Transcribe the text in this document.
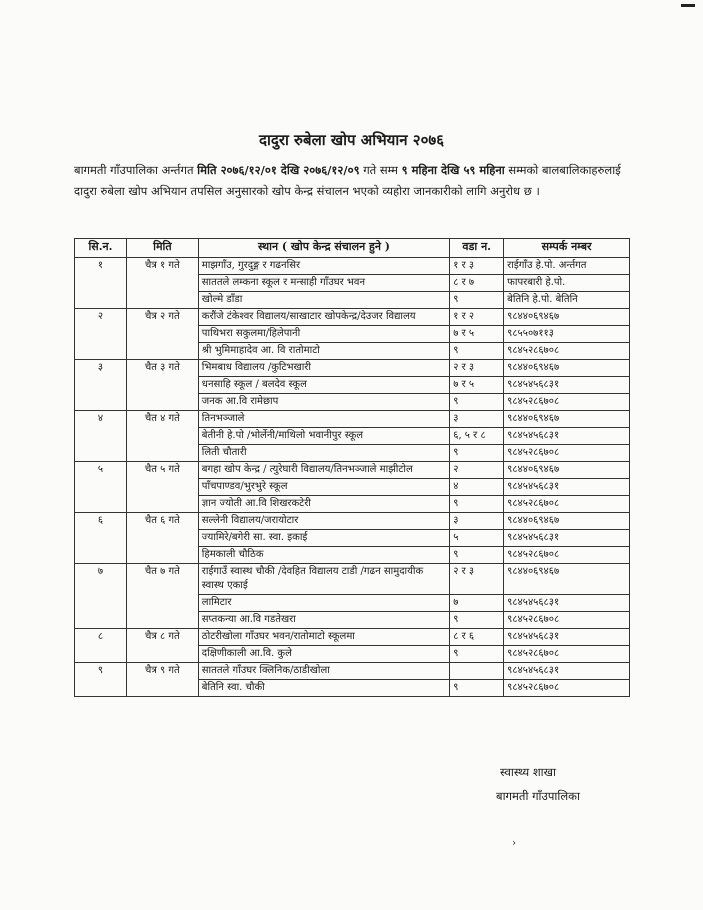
दादुरा रुबेला खोप अभियान २०७६
बागमती गाँउपालिका अर्न्तगत मिति २०७६/१२/०१ देखि २०७६/१२/०९ गते सम्म ९ महिना देखि ५९ महिना सम्मको बालबालिकाहरुलाई दादुरा रुबेला खोप अभियान तपसिल अनुसारको खोप केन्द्र संचालन भएको व्यहोरा जानकारीको लागि अनुरोध छ ।
सि.न.	मिति	स्थान ( खोप केन्द्र संचालन हुने )	वडा न.	सम्पर्क नम्बर
१	चैत्र १ गते	माझगाँउ, गुरदुङ्ग र गढनसिर	१ र ३	राईगाँउ हे.पो. अर्न्तगत
		साततले लम्कना स्कूल र मन्साही गाँउघर भवन	८ र ७	फापरबारी हे.पो.
		खोल्मे डाँडा	९	बेतिनि हे.पो. बेतिनि
२	चैत्र २ गते	करौंजे टंकेश्वर विद्यालय/साखाटार खोपकेन्द्र/देउजर विद्यालय	१ र २	९८४४०६९४६७
		पाथिभरा सकुलमा/हिलेपानी	७ र ५	९८५५०७११३
		श्री भुमिमाहादेव आ. वि रातोमाटो	९	९८४५२८६७०८
३	चैत ३ गते	भिमबाध विद्यालय /कुटिभखारी	२ र ३	९८४४०६९४६७
		धनसाहि स्कूल / बलदेव स्कूल	७ र ५	९८४५४५६८३१
		जनक आ.वि रामेछाप	९	९८४५२८६७०८
४	चैत ४ गते	तिनभञ्जाले	३	९८४४०६९४६७
		बेतीनी हे.पो /भोर्लेनी/माथिलो भवानीपुर स्कूल	६, ५ र ८	९८४५४५६८३१
		लिती चौतारी	९	९८४५२८६७०८
५	चैत ५ गते	बगहा खोप केन्द्र / त्युरेघारी विद्यालय/तिनभञ्जाले माझीटोल	२	९८४४०६९४६७
		पाँचपाण्डव/भुरभुरे स्कूल	४	९८४५४५६८३१
		ज्ञान ज्योती आ.वि शिखरकटेरी	९	९८४५२८६७०८
६	चैत ६ गते	सल्लेनी विद्यालय/जरायोटार	३	९८४४०६९४६७
		ज्यामिरे/बगेरी सा. स्वा. इकाई	५	९८४५४५६८३१
		हिमकाली चौठिक	९	९८४५२८६७०८
७	चैत ७ गते	राईगाउँ स्वास्थ चौकी /देवहित विद्यालय टाडी /गढन सामुदायीक स्वास्थ एकाई	२ र ३	९८४४०६९४६७
		लामिटार	७	९८४५४५६८३१
		सप्तकन्या आ.वि गडतेखरा	९	९८४५२८६७०८
८	चैत्र ८ गते	ठोटरीखोला गाँउघर भवन/रातोमाटो स्कूलमा	८ र ६	९८४५४५६८३१
		दक्षिणीकाली आ.वि. कुले	९	९८४५२८६७०८
९	चैत्र ९ गते	साततले गाँउघर क्लिनिक/ठाडीखोला		९८४५४५६८३१
		बेतिनि स्वा. चौकी	९	९८४५२८६७०८
स्वास्थ्य शाखा
बागमती गाँउपालिका
›
